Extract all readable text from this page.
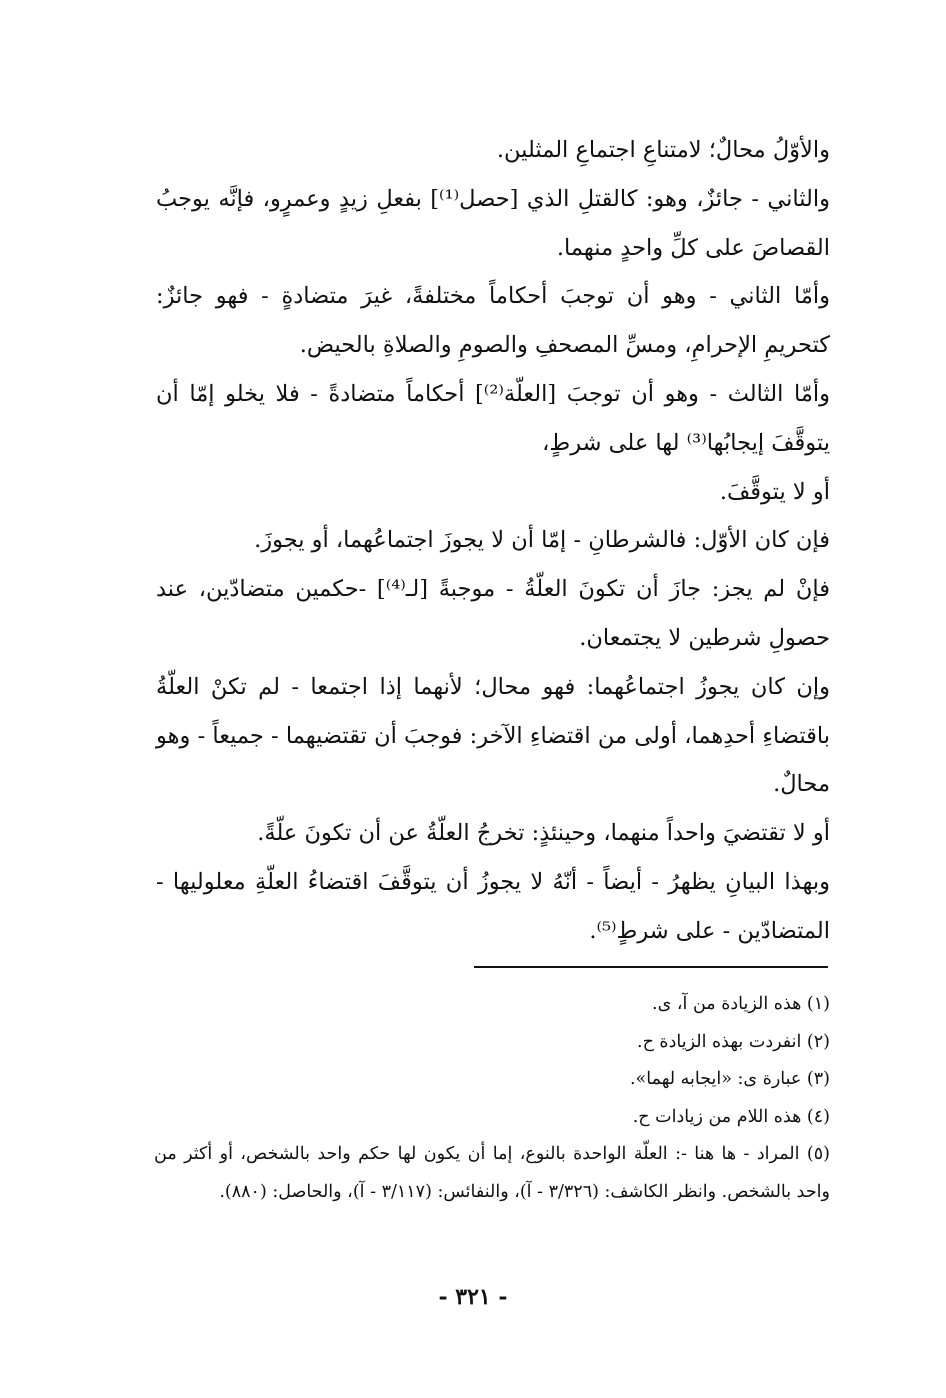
والأوّلُ محالٌ؛ لامتناعِ اجتماعِ المثلين.

والثاني - جائزٌ، وهو: كالقتلِ الذي [حصل⁽¹⁾] بفعلِ زيدٍ وعمرٍو، فإنَّه يوجبُ القصاصَ على كلِّ واحدٍ منهما.

وأمّا الثاني - وهو أن توجبَ أحكاماً مختلفةً، غيرَ متضادةٍ - فهو جائزٌ: كتحريمِ الإحرامِ، ومسِّ المصحفِ والصومِ والصلاةِ بالحيض.

وأمّا الثالث - وهو أن توجبَ [العلّة⁽²⁾] أحكاماً متضادةً - فلا يخلو إمّا أن يتوقَّفَ إيجابُها⁽³⁾ لها على شرطٍ،

أو لا يتوقَّفَ.

فإن كان الأوّل: فالشرطانِ - إمّا أن لا يجوزَ اجتماعُهما، أو يجوزَ.

فإنْ لم يجز: جازَ أن تكونَ العلّةُ - موجبةً [لـ⁽⁴⁾] -حكمين متضادّين، عند حصولِ شرطين لا يجتمعان.

وإن كان يجوزُ اجتماعُهما: فهو محال؛ لأنهما إذا اجتمعا - لم تكنْ العلّةُ باقتضاءِ أحدِهما، أولى من اقتضاءِ الآخر: فوجبَ أن تقتضيهما - جميعاً - وهو محالٌ.

أو لا تقتضيَ واحداً منهما، وحينئذٍ: تخرجُ العلّةُ عن أن تكونَ علّةً.

وبهذا البيانِ يظهرُ - أيضاً - أنّهُ لا يجوزُ أن يتوقَّفَ اقتضاءُ العلّةِ معلوليها - المتضادّين - على شرطٍ⁽⁵⁾.

(١) هذه الزيادة من آ، ى.

(٢) انفردت بهذه الزيادة ح.

(٣) عبارة ى: «ايجابه لهما».

(٤) هذه اللام من زيادات ح.

(٥) المراد - ها هنا -: العلّة الواحدة بالنوع، إما أن يكون لها حكم واحد بالشخص، أو أكثر من واحد بالشخص. وانظر الكاشف: (٣/٣٢٦ - آ)، والنفائس: (٣/١١٧ - آ)، والحاصل: (٨٨٠).

- ٣٢١ -
